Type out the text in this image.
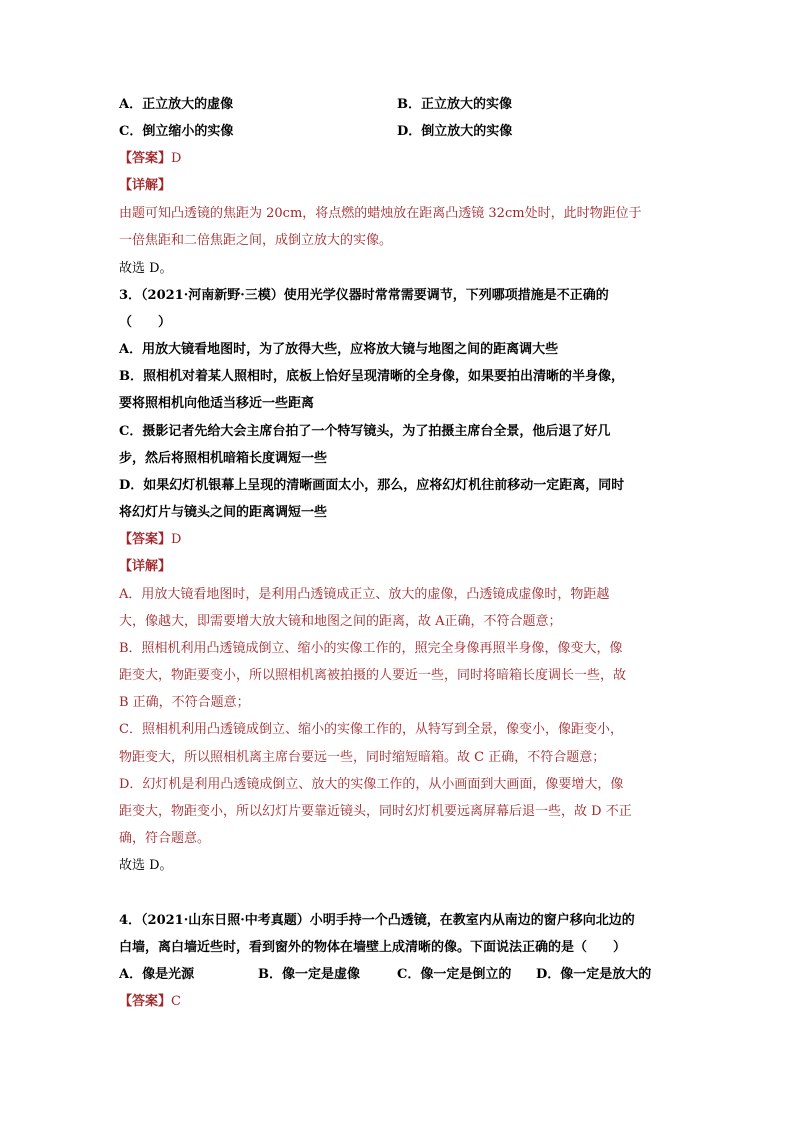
A．正立放大的虚像	B．正立放大的实像
C．倒立缩小的实像	D．倒立放大的实像
【答案】D
【详解】
由题可知凸透镜的焦距为 20cm，将点燃的蜡烛放在距离凸透镜 32cm处时，此时物距位于
一倍焦距和二倍焦距之间，成倒立放大的实像。
故选 D。
3．（2021·河南新野·三模）使用光学仪器时常常需要调节，下列哪项措施是不正确的
（　　）
A．用放大镜看地图时，为了放得大些，应将放大镜与地图之间的距离调大些
B．照相机对着某人照相时，底板上恰好呈现清晰的全身像，如果要拍出清晰的半身像，
要将照相机向他适当移近一些距离
C．摄影记者先给大会主席台拍了一个特写镜头，为了拍摄主席台全景，他后退了好几
步，然后将照相机暗箱长度调短一些
D．如果幻灯机银幕上呈现的清晰画面太小，那么，应将幻灯机往前移动一定距离，同时
将幻灯片与镜头之间的距离调短一些
【答案】D
【详解】
A．用放大镜看地图时，是利用凸透镜成正立、放大的虚像，凸透镜成虚像时，物距越
大，像越大，即需要增大放大镜和地图之间的距离，故 A正确，不符合题意；
B．照相机利用凸透镜成倒立、缩小的实像工作的，照完全身像再照半身像，像变大，像
距变大，物距要变小，所以照相机离被拍摄的人要近一些，同时将暗箱长度调长一些，故
B 正确，不符合题意；
C．照相机利用凸透镜成倒立、缩小的实像工作的，从特写到全景，像变小，像距变小，
物距变大，所以照相机离主席台要远一些，同时缩短暗箱。故 C 正确，不符合题意；
D．幻灯机是利用凸透镜成倒立、放大的实像工作的，从小画面到大画面，像要增大，像
距变大，物距变小，所以幻灯片要靠近镜头，同时幻灯机要远离屏幕后退一些，故 D 不正
确，符合题意。
故选 D。
4．（2021·山东日照·中考真题）小明手持一个凸透镜，在教室内从南边的窗户移向北边的
白墙，离白墙近些时，看到窗外的物体在墙壁上成清晰的像。下面说法正确的是（　　）
A．像是光源	B．像一定是虚像	C．像一定是倒立的 D．像一定是放大的
【答案】C
